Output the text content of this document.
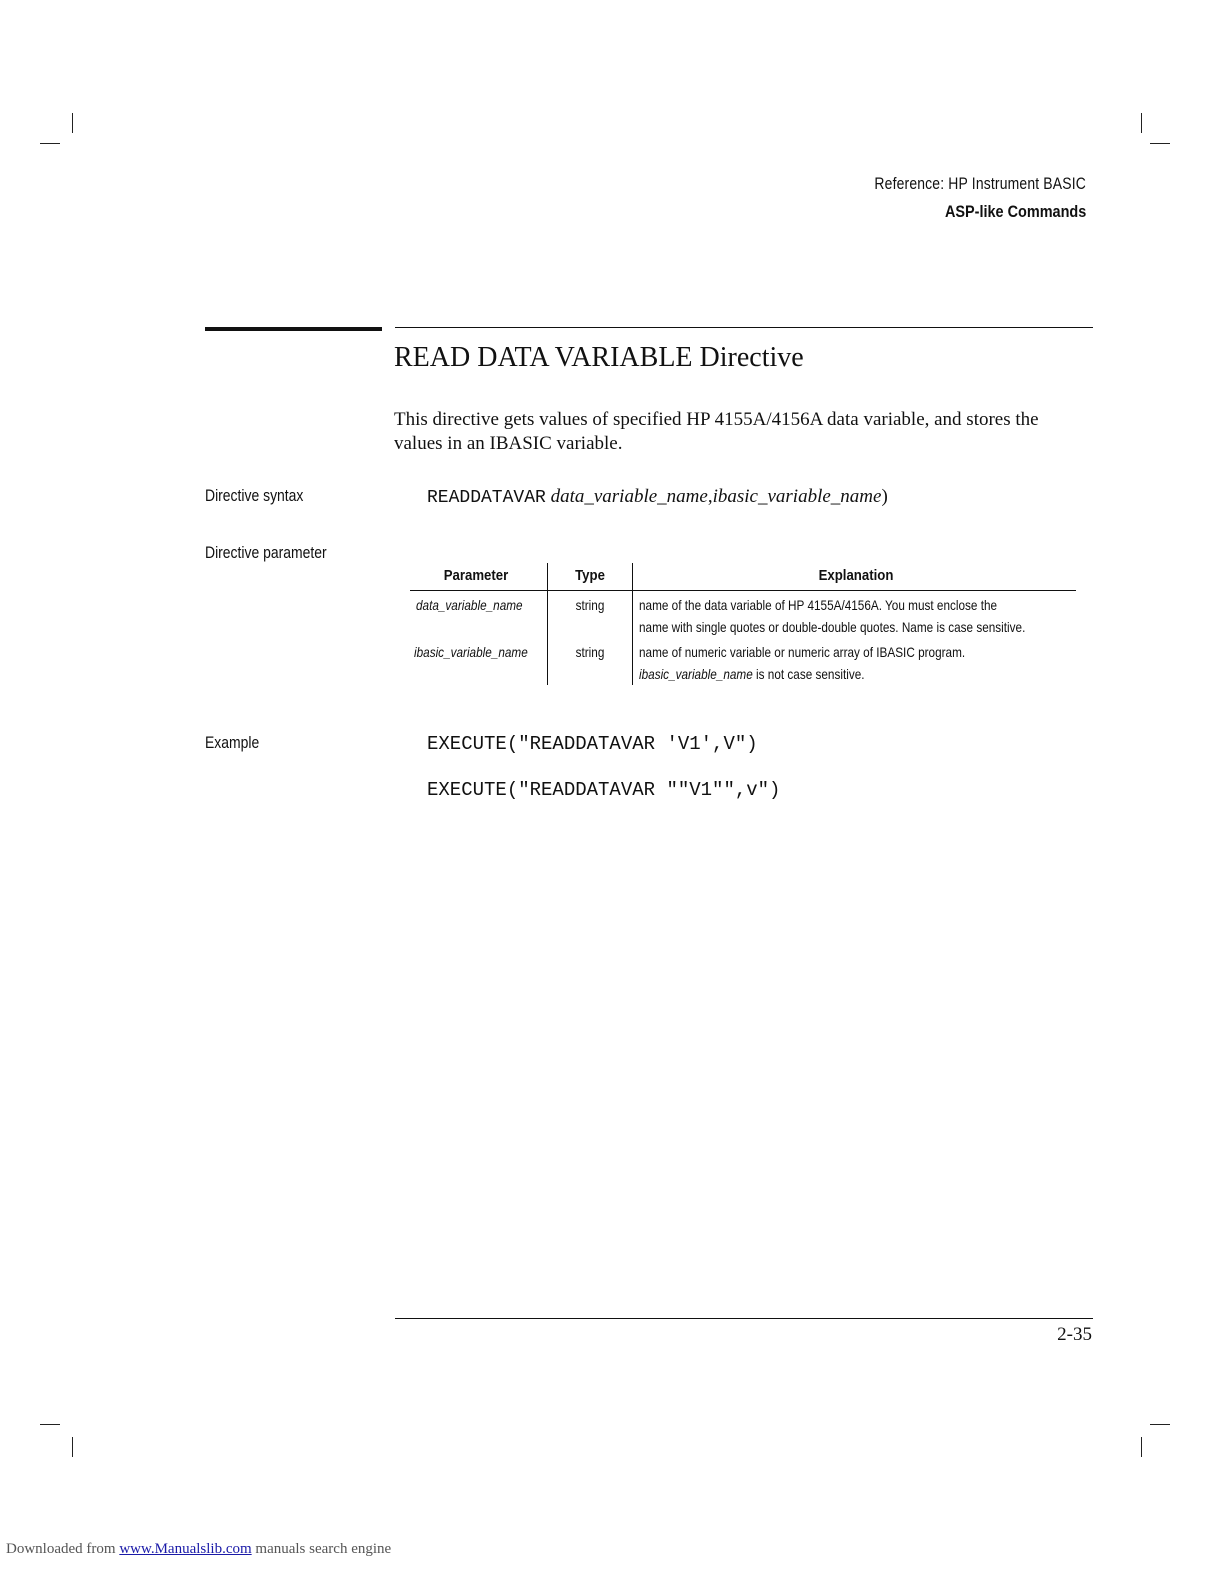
Reference: HP Instrument BASIC
ASP-like Commands
READ DATA VARIABLE Directive
This directive gets values of specified HP 4155A/4156A data variable, and stores the values in an IBASIC variable.
Directive syntax
Directive parameter
Example
READDATAVAR data_variable_name,ibasic_variable_name)
Parameter	Type	Explanation
data_variable_name	string	name of the data variable of HP 4155A/4156A. You must enclose the
name with single quotes or double-double quotes. Name is case sensitive.
ibasic_variable_name	string	name of numeric variable or numeric array of IBASIC program.
ibasic_variable_name is not case sensitive.
EXECUTE("READDATAVAR 'V1',V")
EXECUTE("READDATAVAR ""V1"",v")
2-35
Downloaded from www.Manualslib.com manuals search engine
